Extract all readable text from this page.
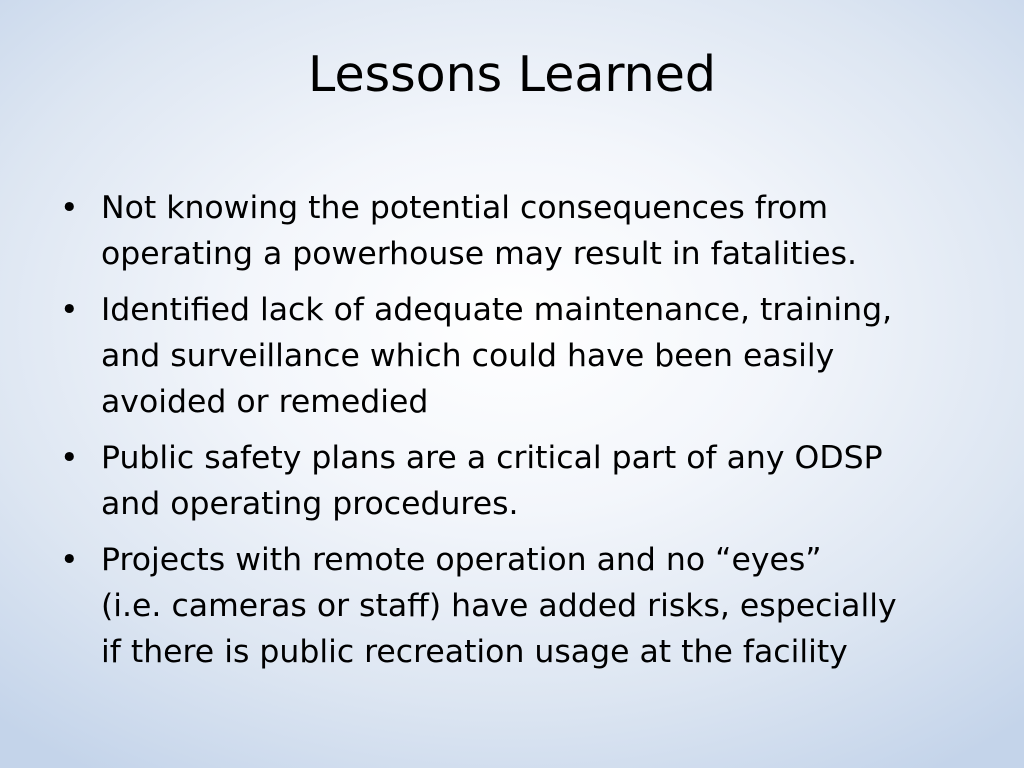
Lessons Learned
• Not knowing the potential consequences from
operating a powerhouse may result in fatalities.
• Identified lack of adequate maintenance, training,
and surveillance which could have been easily
avoided or remedied
• Public safety plans are a critical part of any ODSP
and operating procedures.
• Projects with remote operation and no “eyes”
(i.e. cameras or staff) have added risks, especially
if there is public recreation usage at the facility
